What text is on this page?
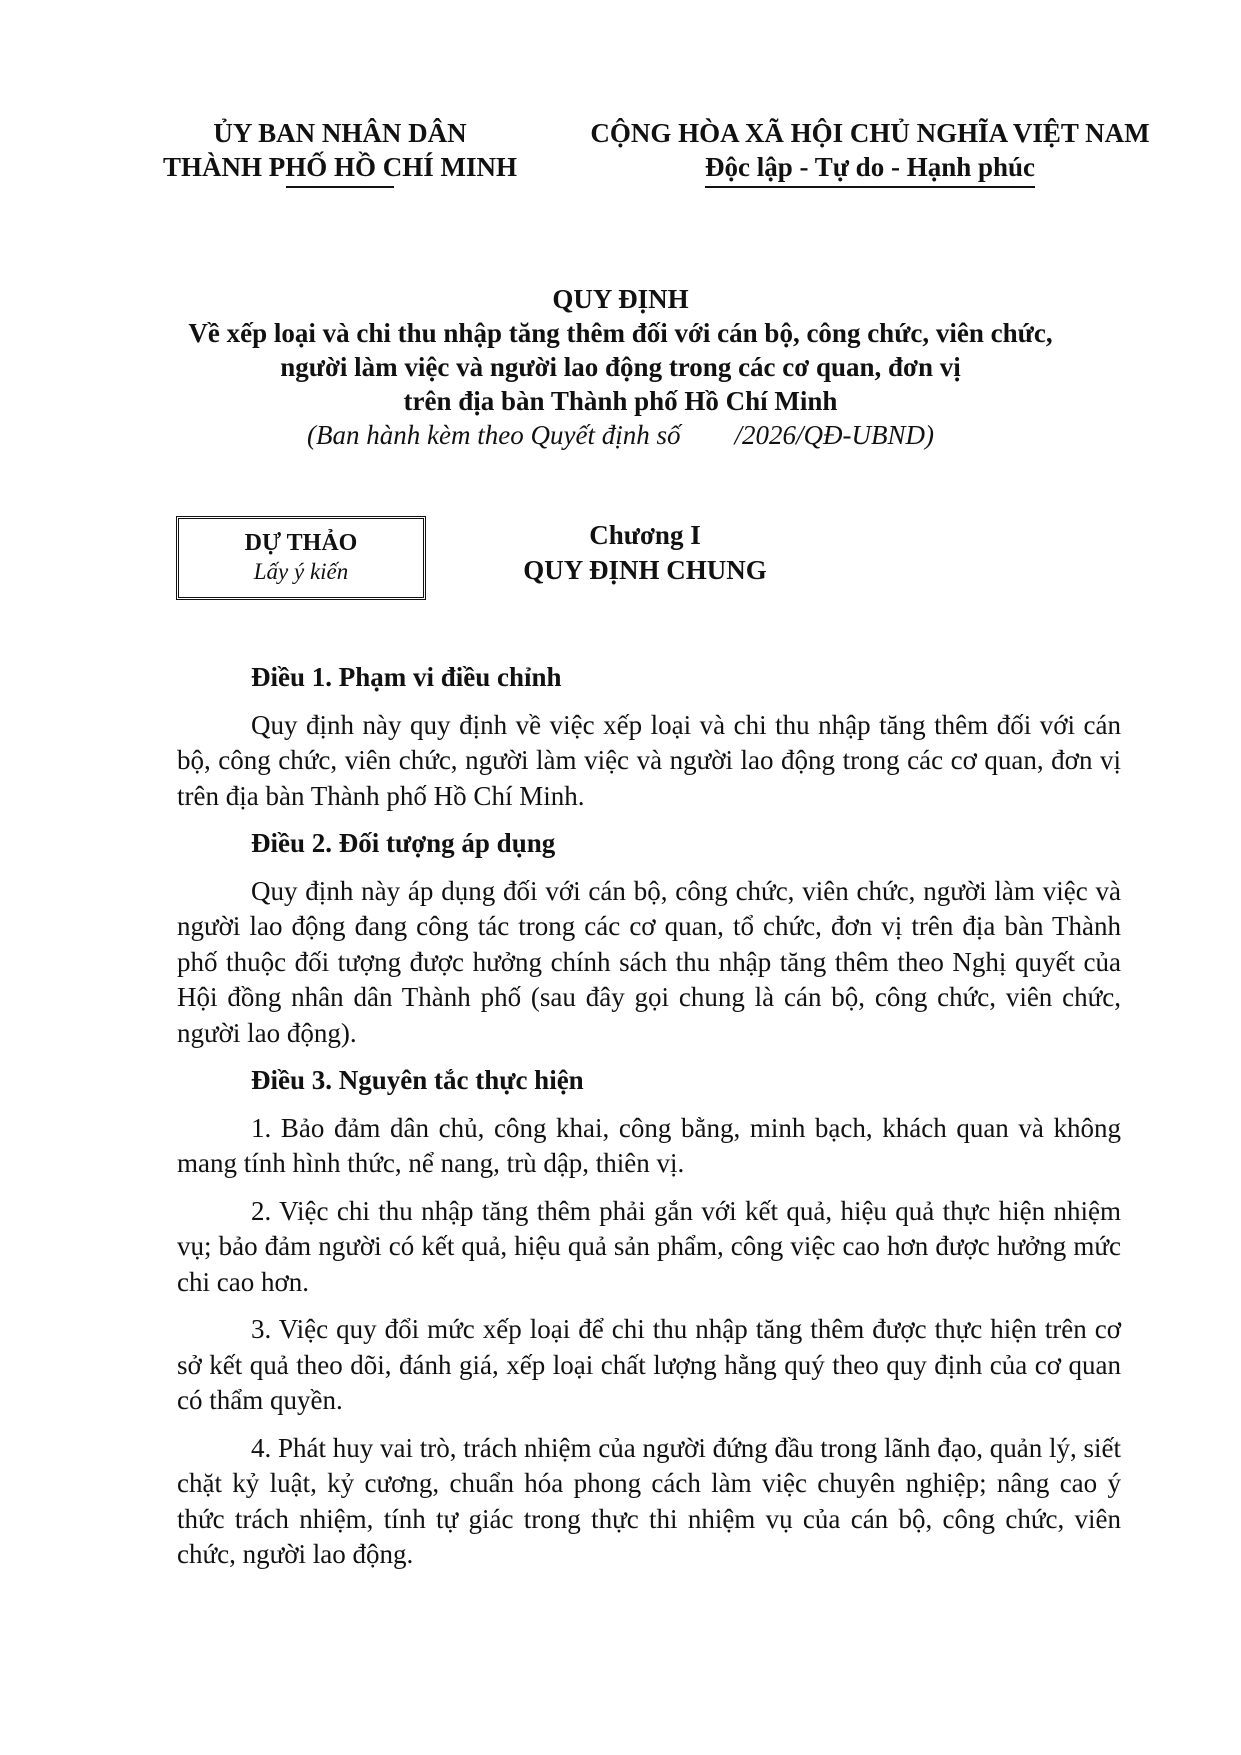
ỦY BAN NHÂN DÂN
THÀNH PHỐ HỒ CHÍ MINH
CỘNG HÒA XÃ HỘI CHỦ NGHĨA VIỆT NAM
Độc lập - Tự do - Hạnh phúc
QUY ĐỊNH
Về xếp loại và chi thu nhập tăng thêm đối với cán bộ, công chức, viên chức,
người làm việc và người lao động trong các cơ quan, đơn vị
trên địa bàn Thành phố Hồ Chí Minh
(Ban hành kèm theo Quyết định số        /2026/QĐ-UBND)
DỰ THẢO
Lấy ý kiến
Chương I
QUY ĐỊNH CHUNG
Điều 1. Phạm vi điều chỉnh
Quy định này quy định về việc xếp loại và chi thu nhập tăng thêm đối với cán bộ, công chức, viên chức, người làm việc và người lao động trong các cơ quan, đơn vị trên địa bàn Thành phố Hồ Chí Minh.
Điều 2. Đối tượng áp dụng
Quy định này áp dụng đối với cán bộ, công chức, viên chức, người làm việc và người lao động đang công tác trong các cơ quan, tổ chức, đơn vị trên địa bàn Thành phố thuộc đối tượng được hưởng chính sách thu nhập tăng thêm theo Nghị quyết của Hội đồng nhân dân Thành phố (sau đây gọi chung là cán bộ, công chức, viên chức, người lao động).
Điều 3. Nguyên tắc thực hiện
1. Bảo đảm dân chủ, công khai, công bằng, minh bạch, khách quan và không mang tính hình thức, nể nang, trù dập, thiên vị.
2. Việc chi thu nhập tăng thêm phải gắn với kết quả, hiệu quả thực hiện nhiệm vụ; bảo đảm người có kết quả, hiệu quả sản phẩm, công việc cao hơn được hưởng mức chi cao hơn.
3. Việc quy đổi mức xếp loại để chi thu nhập tăng thêm được thực hiện trên cơ sở kết quả theo dõi, đánh giá, xếp loại chất lượng hằng quý theo quy định của cơ quan có thẩm quyền.
4. Phát huy vai trò, trách nhiệm của người đứng đầu trong lãnh đạo, quản lý, siết chặt kỷ luật, kỷ cương, chuẩn hóa phong cách làm việc chuyên nghiệp; nâng cao ý thức trách nhiệm, tính tự giác trong thực thi nhiệm vụ của cán bộ, công chức, viên chức, người lao động.
